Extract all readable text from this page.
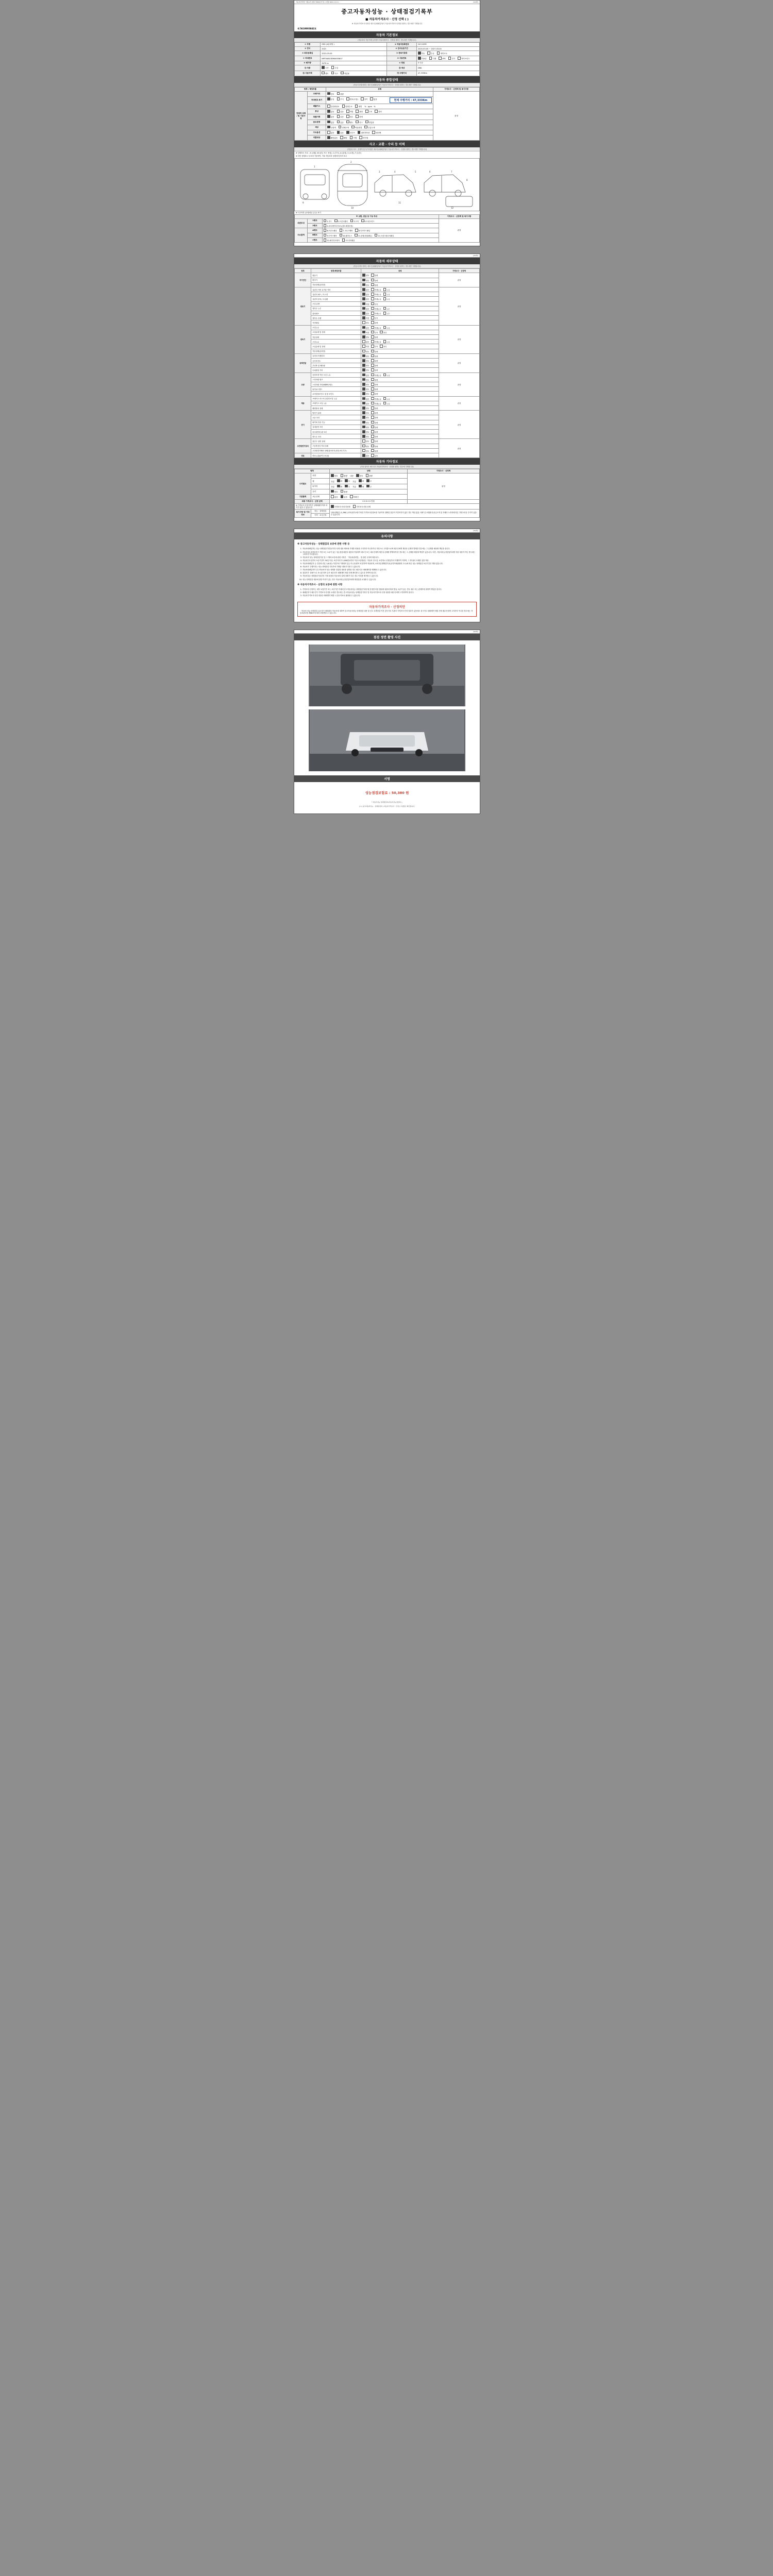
자동차관리법 시행규칙 [별지 제29호서식] <개정 2021.11.9.>	(1/4쪽)
중고자동차성능 · 상태점검기록부
■ 자동차가격조사 · 산정 선택 ( )
※ 자동차가격조사·산정은 매도인(매매업자)이 자동차가격조사·산정을 원하는 경우에만 기재합니다
제 5610003842호
자동차 기본정보
(자동차의 기본기재 등사양이 자동차제작사 · 산정을 원하는 경우에만 기재합니다)
① 차명	G90 (4륜대형 )	② 자동차등록번호	24도1099
③ 연식	2021	④ 검사유효기간	2025-03-05 ~ 2027-03-04
⑤ 최초등록일	2021-03-05	⑥ 변속기종류	자동 수동 세미오토
⑦ 차대번호	KMTX4813DMU055817	⑧ 사용연료	가솔린 디젤 LPG 전기 하이브리드
⑨ 배기량	3470 cc	⑩ 정원	5 인승
⑪ 차종	국산 수입	⑫ 색상	DBA
⑭ 사용이력	렌트 리스 영업용	⑬ 주행거리	47,333Km
자동차 종합상태
(자동차 종합상태는 매도인(매매업자)이 자동차가격조사 · 산정을 원하는 경우에만 기재합니다)
항목 / 해당부품		상태	가격조사 · 산정액 및 특기사항
전체적 상태 / 및 기본사항	주행거리	양호 불량	판정
	차대번호 표기	동일 부식 변조(도말) 상이 없음 현재 주행거리 : 47,333Km	

	배출가스	일산화탄소 탄화수소 매연 %   ppm   %	
	튜닝	없음 있음 적법 불법 구조 장치	
	특별이력	없음 있음 침수 화재	
	용도변경	없음 있음 렌트 리스 영업용	
	색상	무변색 전체도색 색상변경 부분도색	
	주요옵션	없음 있음 선루프 내비게이션 에어백	
	리콜대상	해당없음 해당 이행 미이행	
사고 · 교환 · 수리 등 이력
(자동차 사고 · 산정액 및 특기사항은 매도인(매매업자)이 자동차가격조사 · 산정을 원하는 경우에만 기재합니다)
※ 상태표시 부호 : X (교환), W (판금 또는 용접), C (부식), A (흠집), U (요철), T (손상)
※ 하단 상태표시 부호에 기준하여, 기타 자동차의 상태에 맞추어 표시
1
2
3	4	5	6	7
8
9
10
11
12
※ 사고이력 (교차/파손 유무) 표기
※ 교환, 판금 등 이상 부위			가격조사 · 산정액 및 특기사항
외판부위	1랭크	1.후드 2.프론트휀더 3.도어 4.트렁크리드	판정
	2랭크	5.라디에이터서포트(볼트체결부품)	
주요골격	A랭크	6.프론트패널 7.크로스멤버 8.인사이드패널	
	B랭크	9.사이드멤버 10.휠하우스 11.판넬(대쉬패널) 11.트렁크플로어패널	
	C랭크	12.패키지트레이 13.리어패널	
(2/4쪽)
자동차 세부상태
(자동차 세부상태는 매도인(매매업자)이 자동차가격조사 · 산정을 원하는 경우에만 기재합니다)
항목	항목/해당부품	상태	가격조사 · 산정액
자기진단	원동기	양호 불량	판정
	변속기	양호 불량	
	작동상태(공회전)	양호 불량	
원동기	실린더 커버 로커암 커버	없음 미세누유 누유	판정
	실린더 헤드 / 가스켓	없음 미세누유 누유	
	실린더 블록 / 오일팬	없음 미세누유 누유	
	오일 유량	적정 부족	
	냉각수 누수	없음 미세누수 누수	
	워터펌프	없음 미세누수 누수	
	냉각수 수량	적정 부족	
	커먼레일	양호 불량	
변속기	오일누유	없음 미세누유 누유	판정
	오일유량 및 상태	적정 부족 과다	
	작동상태	양호 불량	
	오일누유	없음 미세누유 누유	
	오일유량 및 상태	적정 부족 과다	
	작동상태(공회전)	양호 불량	
동력전달	클러치 어셈블리	양호 불량	판정
	등속조인트	양호 불량	
	추진축 및 베어링	양호 불량	
	디퍼렌셜 기어	양호 불량	
조향	동력조향 작동 오일 누유	없음 미세누유 누유	판정
	스티어링 펌프	양호 불량	
	스티어링 기어(MDPS포함)	양호 불량	
	타이로드엔드	양호 불량	
	로어암볼조인트 및 볼 조인트	양호 불량	
제동	브레이크 마스터 실린더오일 누유	없음 미세누유 누유	판정
	브레이크 오일 누유	없음 미세누유 누유	
	배력장치 상태	양호 불량	
전기	발전기 출력	양호 불량	판정
	시동 모터	양호 불량	
	와이퍼 정상 기능	양호 불량	
	실내송풍 모터	양호 불량	
	라디에이터 팬 모터	양호 불량	
	윈도우 모터	양호 불량	
고전원전기장치	충전구 절연 상태	양호 불량	판정
	구동축전지 격리 상태	양호 불량	
	고전원전기배선 상태(접속단자,피복,보호기구)	양호 불량	
연료	연료누출(LP가스포함)	없음 있음	
자동차 기타정보
(기타 항목은 매도인이 자동차가격조사 · 산정을 원하는 경우에 기재합니다)
항목		상태	가격조사 · 산정액
수리필요	외장	양호 불량 내장 양호 불량	판정
	휠	전륜 좌 우 후륜 좌 우	
	타이어	전륜 좌 우 후륜 좌 우	
	유리	양호 불량	
기본품목	보유상태	없음 있음 미확인	
최종 가격조사 · 산정 금액		0 0 0 0 0 만원	
※ 가격조사·산정가격은 실제매매가격과 차이가 있을 수 있습니다.		가격조사·산정 미선택 가격조사·산정 선택	
특기사항 및 기타정보	성능 · 상태점검	내차피해(본 (1,396,1,137)장기보장기억건 가격조사산정보장 기준이며 정확한 검증이 이루어지지 않은 경우 책임 없음. 차량 실 보행판정 판금도색 및 자체의 노후화에 따른 자연스러운 부식이 있을 수 있습니다.	
	가격 · 조사산정		
(3/4쪽)
유의사항
※ 중고자동차성능 · 상태점검의 보증에 관한 사항 등
1. 자동차매매업자는 성능·상태점검기록부(이하 '산정 내용 제외에 기재한 내용을 고지하지 아니하거나 거짓으로 고지함으로써 매수인에게 재산상 손해가 발생한 경우에는 그 손해를 배상할 책임을 집니다.
2. 자동차성능점검업자가 거짓 또는 오류가 있는 성능점검내용을 내용에 작성하여 매도인 또는 매수인에게 재산상 손해를 발생하게 한 경우에는 그 손해를 배상할 책임이 있습니다. 다만, 자동차성능점검업자에게 지불 대상이 아닌 경우에는 그러하지 아니합니다.
3. 자동차의 성능·상태점검기준 및 그 밖에 보증에 관한 사항은 「자동차관리법」 및 관련 규정에 따릅니다.
4. 자동차인도일부터 보증기간이 30일 이상, 보증거리가 2,000킬로미터 이상 보증범위는 '자동차 인도일, 보증개시 산정일부터 이행하여 이하여, 그 밖 권리 도래한 것을 적용.
5. 자동차매매업자 등 건강대 산업 / (4)성능기록부에 기재되어 있는지 / (2)항목 에 한하여 적용되며, 소비자분쟁해결기준(공정거래위원회 고시)에 따른 성능·상태점검 보증기간은 해당 없습니다.
6. 자동차가 주행거리는 성능·상태점검 기록부에 기재된 내용과 다를 수 있습니다.
7. 자동차매매업자가 중고자동차의 성능·상태를 점검한 내용을 위반한 경우 매수인은 매매계약을 해제할 수 있습니다.
8. 점검자가 '불량'으로 표시된 항목 등은 매수인이 매매계약 체결 전에 확인할 수 있도록 하여야 합니다.
9. 자동차성능·상태점검기록부의 기재 내용과 자동차의 실제 상태가 다른 경우 이의를 제기할 수 있습니다.
10. 성능·상태점검 내용에 관한 이의가 있는 경우 자동차성능점검업자에게 재점검을 요청할 수 있습니다.
※ 자동차가격조사 · 산정의 보증에 관한 사항
1. 가격조사·산정자는 대부 보험기간 또는 보증기간 이내에 중고자동차성능·상태점검기록부에 산정한 비용 범위에 내용에 따라 발급 오류가 있는 경우 매수 또는 관계자에 대하여 책임을 집니다.
2. 매매업자가 매수인이 가격조사·산정을 요청한 경우에는 중고자동차성능·상태점검기록부 및 자동차가격조사·산정 내용을 매수인에게 고지하여야 합니다.
3. 자동차가격조사·산정 내용은 매매계약 체결 시 참고자료로 활용할 수 있습니다.
자동차가격조사 · 산정의안
「자동차 성능·상태점검 실시자가 매매대상 자동차에 대하여 중고자동차성능·상태점검 내용 및 신고 특별점검 이전 검사기록 기관의 가격조사·산정 결과가 있음에도 불구하고 매매계약 체결 전에 매수인에게 고지하지 아니한 경우에는 자동차관리법 제58조에 따라 처벌받을 수 있습니다.
(4/4쪽)
점검 정면 촬영 사진
서명
성능점검보험료 : 50,380 원
『 자동차성능·상태점검자(자동차성능점검자) 』
[ 1 ] 중고자동차성능 · 상태점검자 [ 자동차가격조사 · 산정 ] 사업장은 확인합니다.
